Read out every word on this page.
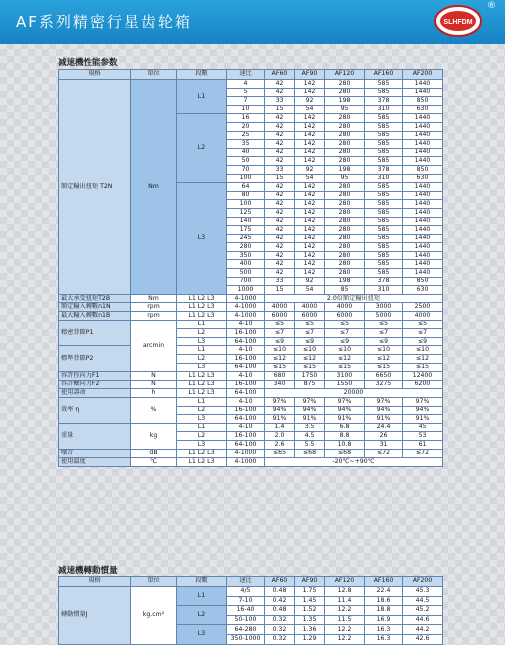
AF系列精密行星齿轮箱	SLHFDM
®
减速機性能参数
規格	單位	段數	速比	AF60	AF90	AF120	AF160	AF200
額定輸出扭矩 T2N	Nm	L1	4	42	142	280	585	1440
			5	42	142	280	585	1440
			7	33	92	198	378	850
			10	15	54	95	310	630
		L2	16	42	142	280	585	1440
			20	42	142	280	585	1440
			25	42	142	280	585	1440
			35	42	142	280	585	1440
			40	42	142	280	585	1440
			50	42	142	280	585	1440
			70	33	92	198	378	850
			100	15	54	95	310	630
		L3	64	42	142	280	585	1440
			80	42	142	280	585	1440
			100	42	142	280	585	1440
			125	42	142	280	585	1440
			140	42	142	280	585	1440
			175	42	142	280	585	1440
			245	42	142	280	585	1440
			280	42	142	280	585	1440
			350	42	142	280	585	1440
			400	42	142	280	585	1440
			500	42	142	280	585	1440
			700	33	92	198	378	850
			1000	15	54	85	310	630
最大承受扭矩T2B	Nm	L1 L2 L3	4-1000	2.0倍額定輸出扭矩				
額定輸入轉數n1N	rpm	L1 L2 L3	4-1000	4000	4000	4000	3000	2500
最大輸入轉數n1B	rpm	L1 L2 L3	4-1000	6000	6000	6000	5000	4000
精密背隙P1	arcmin	L1	4-10	≤5	≤5	≤5	≤5	≤5
		L2	16-100	≤7	≤7	≤7	≤7	≤7
		L3	64-100	≤9	≤9	≤9	≤9	≤9
標準背隙P2		L1	4-10	≤10	≤10	≤10	≤10	≤10
		L2	16-100	≤12	≤12	≤12	≤12	≤12
		L3	64-100	≤15	≤15	≤15	≤15	≤15
容許徑向力F1	N	L1 L2 L3	4-10	680	1750	3100	6650	12400
容許軸向力F2	N	L1 L2 L3	16-100	340	875	1550	3275	6200
使用壽命	h	L1 L2 L3	64-100	20000				
效率 η	%	L1	4-10	97%	97%	97%	97%	97%
		L2	16-100	94%	94%	94%	94%	94%
		L3	64-100	91%	91%	91%	91%	91%
重量	kg	L1	4-10	1.4	3.5	6.8	24.4	45
		L2	16-100	2.0	4.5	8.8	26	53
		L3	64-100	2.6	5.5	10.8	31	61
噪音	dB	L1 L2 L3	4-1000	≤65	≤68	≤68	≤72	≤72
使用溫度	℃	L1 L2 L3	4-1000	-20℃~+90℃				
减速機轉動慣量
規格	單位	段數	速比	AF60	AF90	AF120	AF160	AF200
轉動慣量J	kg.cm²	L1	4/5	0.48	1.75	12.8	22.4	45.3
			7-10	0.42	1.45	11.4	18.6	44.5
		L2	16-40	0.48	1.52	12.2	18.8	45.2
			50-100	0.32	1.35	11.5	16.9	44.6
		L3	64-280	0.32	1.36	12.2	16.3	44.2
			350-1000	0.32	1.29	12.2	16.3	42.6
